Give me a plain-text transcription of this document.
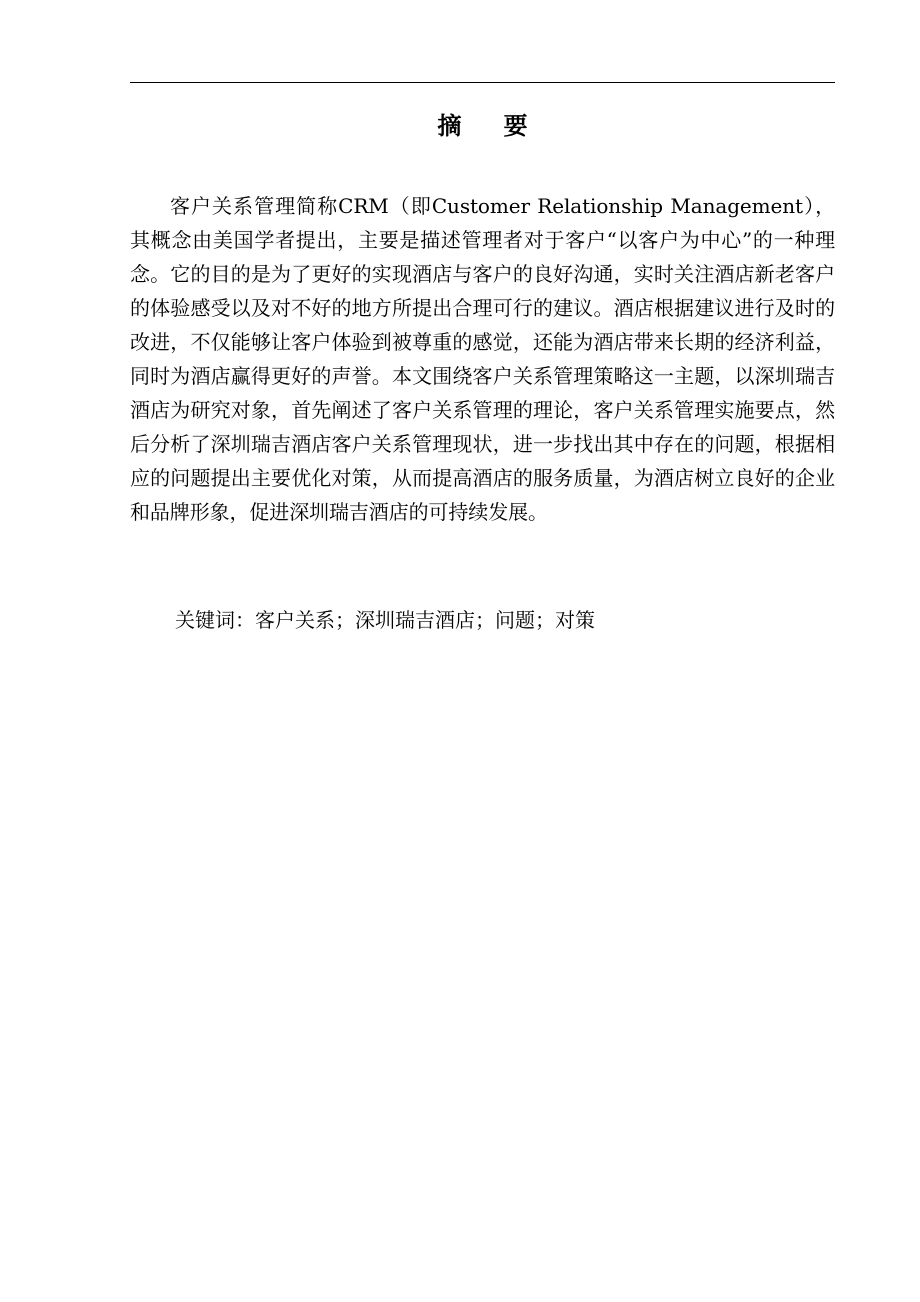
摘要

客户关系管理简称CRM（即Customer Relationship Management），其概念由美国学者提出，主要是描述管理者对于客户“以客户为中心”的一种理念。它的目的是为了更好的实现酒店与客户的良好沟通，实时关注酒店新老客户的体验感受以及对不好的地方所提出合理可行的建议。酒店根据建议进行及时的改进，不仅能够让客户体验到被尊重的感觉，还能为酒店带来长期的经济利益，同时为酒店赢得更好的声誉。本文围绕客户关系管理策略这一主题，以深圳瑞吉酒店为研究对象，首先阐述了客户关系管理的理论，客户关系管理实施要点，然后分析了深圳瑞吉酒店客户关系管理现状，进一步找出其中存在的问题，根据相应的问题提出主要优化对策，从而提高酒店的服务质量，为酒店树立良好的企业和品牌形象，促进深圳瑞吉酒店的可持续发展。

关键词：客户关系；深圳瑞吉酒店；问题；对策
